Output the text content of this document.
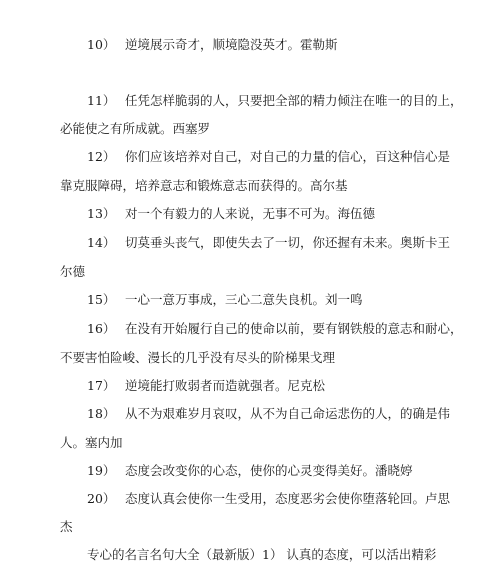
10） 逆境展示奇才，顺境隐没英才。霍勒斯
11） 任凭怎样脆弱的人，只要把全部的精力倾注在唯一的目的上，
必能使之有所成就。西塞罗
12） 你们应该培养对自己，对自己的力量的信心，百这种信心是
靠克服障碍，培养意志和锻炼意志而获得的。高尔基
13） 对一个有毅力的人来说，无事不可为。海伍德
14） 切莫垂头丧气，即使失去了一切，你还握有未来。奥斯卡王
尔德
15） 一心一意万事成，三心二意失良机。刘一鸣
16） 在没有开始履行自己的使命以前，要有钢铁般的意志和耐心，
不要害怕险峻、漫长的几乎没有尽头的阶梯果戈理
17） 逆境能打败弱者而造就强者。尼克松
18） 从不为艰难岁月哀叹，从不为自己命运悲伤的人，的确是伟
人。塞内加
19） 态度会改变你的心态，使你的心灵变得美好。潘晓婷
20） 态度认真会使你一生受用，态度恶劣会使你堕落轮回。卢思
杰
专心的名言名句大全（最新版）1） 认真的态度，可以活出精彩
